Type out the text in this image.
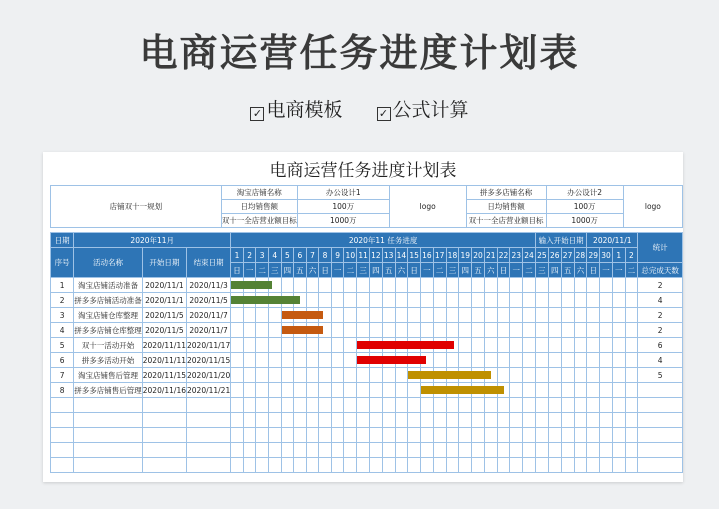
电商运营任务进度计划表
✓ 电商模板	✓ 公式计算
电商运营任务进度计划表
店铺双十一规划	淘宝店铺名称	办公设计1	logo	拼多多店铺名称	办公设计2	logo
	日均销售额	100万		日均销售额	100万	
	双十一全店营业额目标	1000万		双十一全店营业额目标	1000万	
日期	2020年11月			2020年11 任务进度																								输入开始日期				2020/11/1				统计
序号	活动名称	开始日期	结束日期	1	2	3	4	5	6	7	8	9	10	11	12	13	14	15	16	17	18	19	20	21	22	23	24	25	26	27	28	29	30	1	2	
				日	一	二	三	四	五	六	日	一	二	三	四	五	六	日	一	二	三	四	五	六	日	一	二	三	四	五	六	日	一	一	二	总完成天数
1	淘宝店铺活动准备	2020/11/1	2020/11/3																																	2
2	拼多多店铺活动准备	2020/11/1	2020/11/5																																	4
3	淘宝店铺仓库整理	2020/11/5	2020/11/7																																	2
4	拼多多店铺仓库整理	2020/11/5	2020/11/7																																	2
5	双十一活动开始	2020/11/11	2020/11/17																																	6
6	拼多多活动开始	2020/11/11	2020/11/15																																	4
7	淘宝店铺售后管理	2020/11/15	2020/11/20																																	5
8	拼多多店铺售后管理	2020/11/16	2020/11/21																
